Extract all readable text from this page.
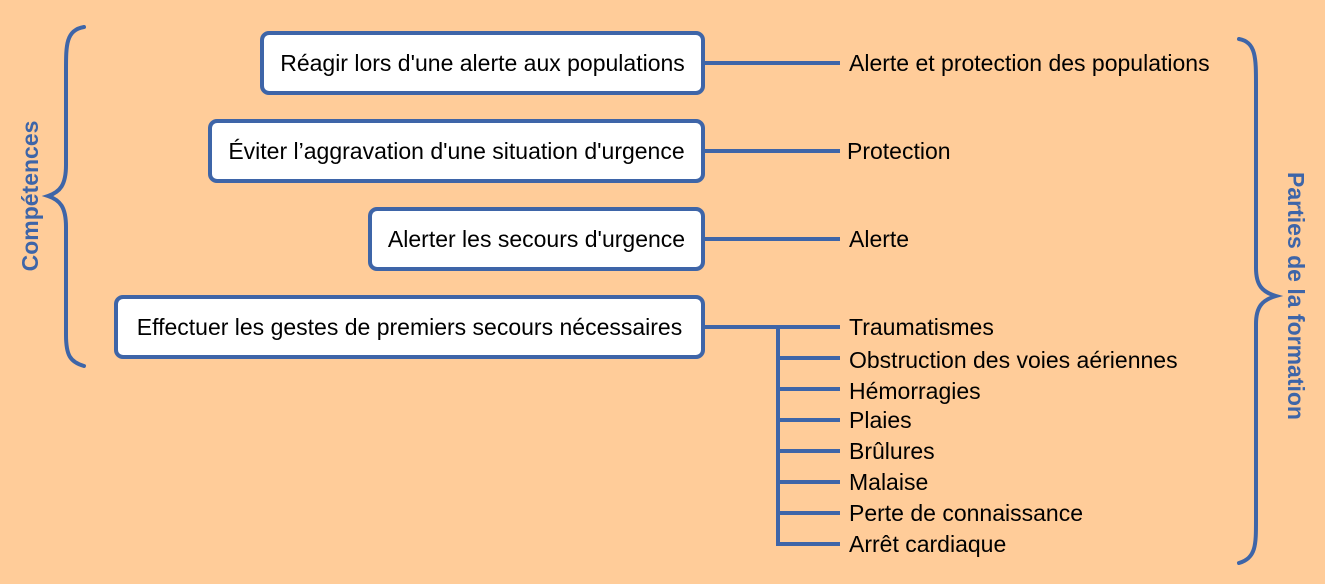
Compétences	Parties de la formation
Réagir lors d'une alerte aux populations
Éviter l’aggravation d'une situation d'urgence
Alerter les secours d'urgence
Effectuer les gestes de premiers secours nécessaires
Alerte et protection des populations
Protection
Alerte
Traumatismes
Obstruction des voies aériennes
Hémorragies
Plaies
Brûlures
Malaise
Perte de connaissance
Arrêt cardiaque
